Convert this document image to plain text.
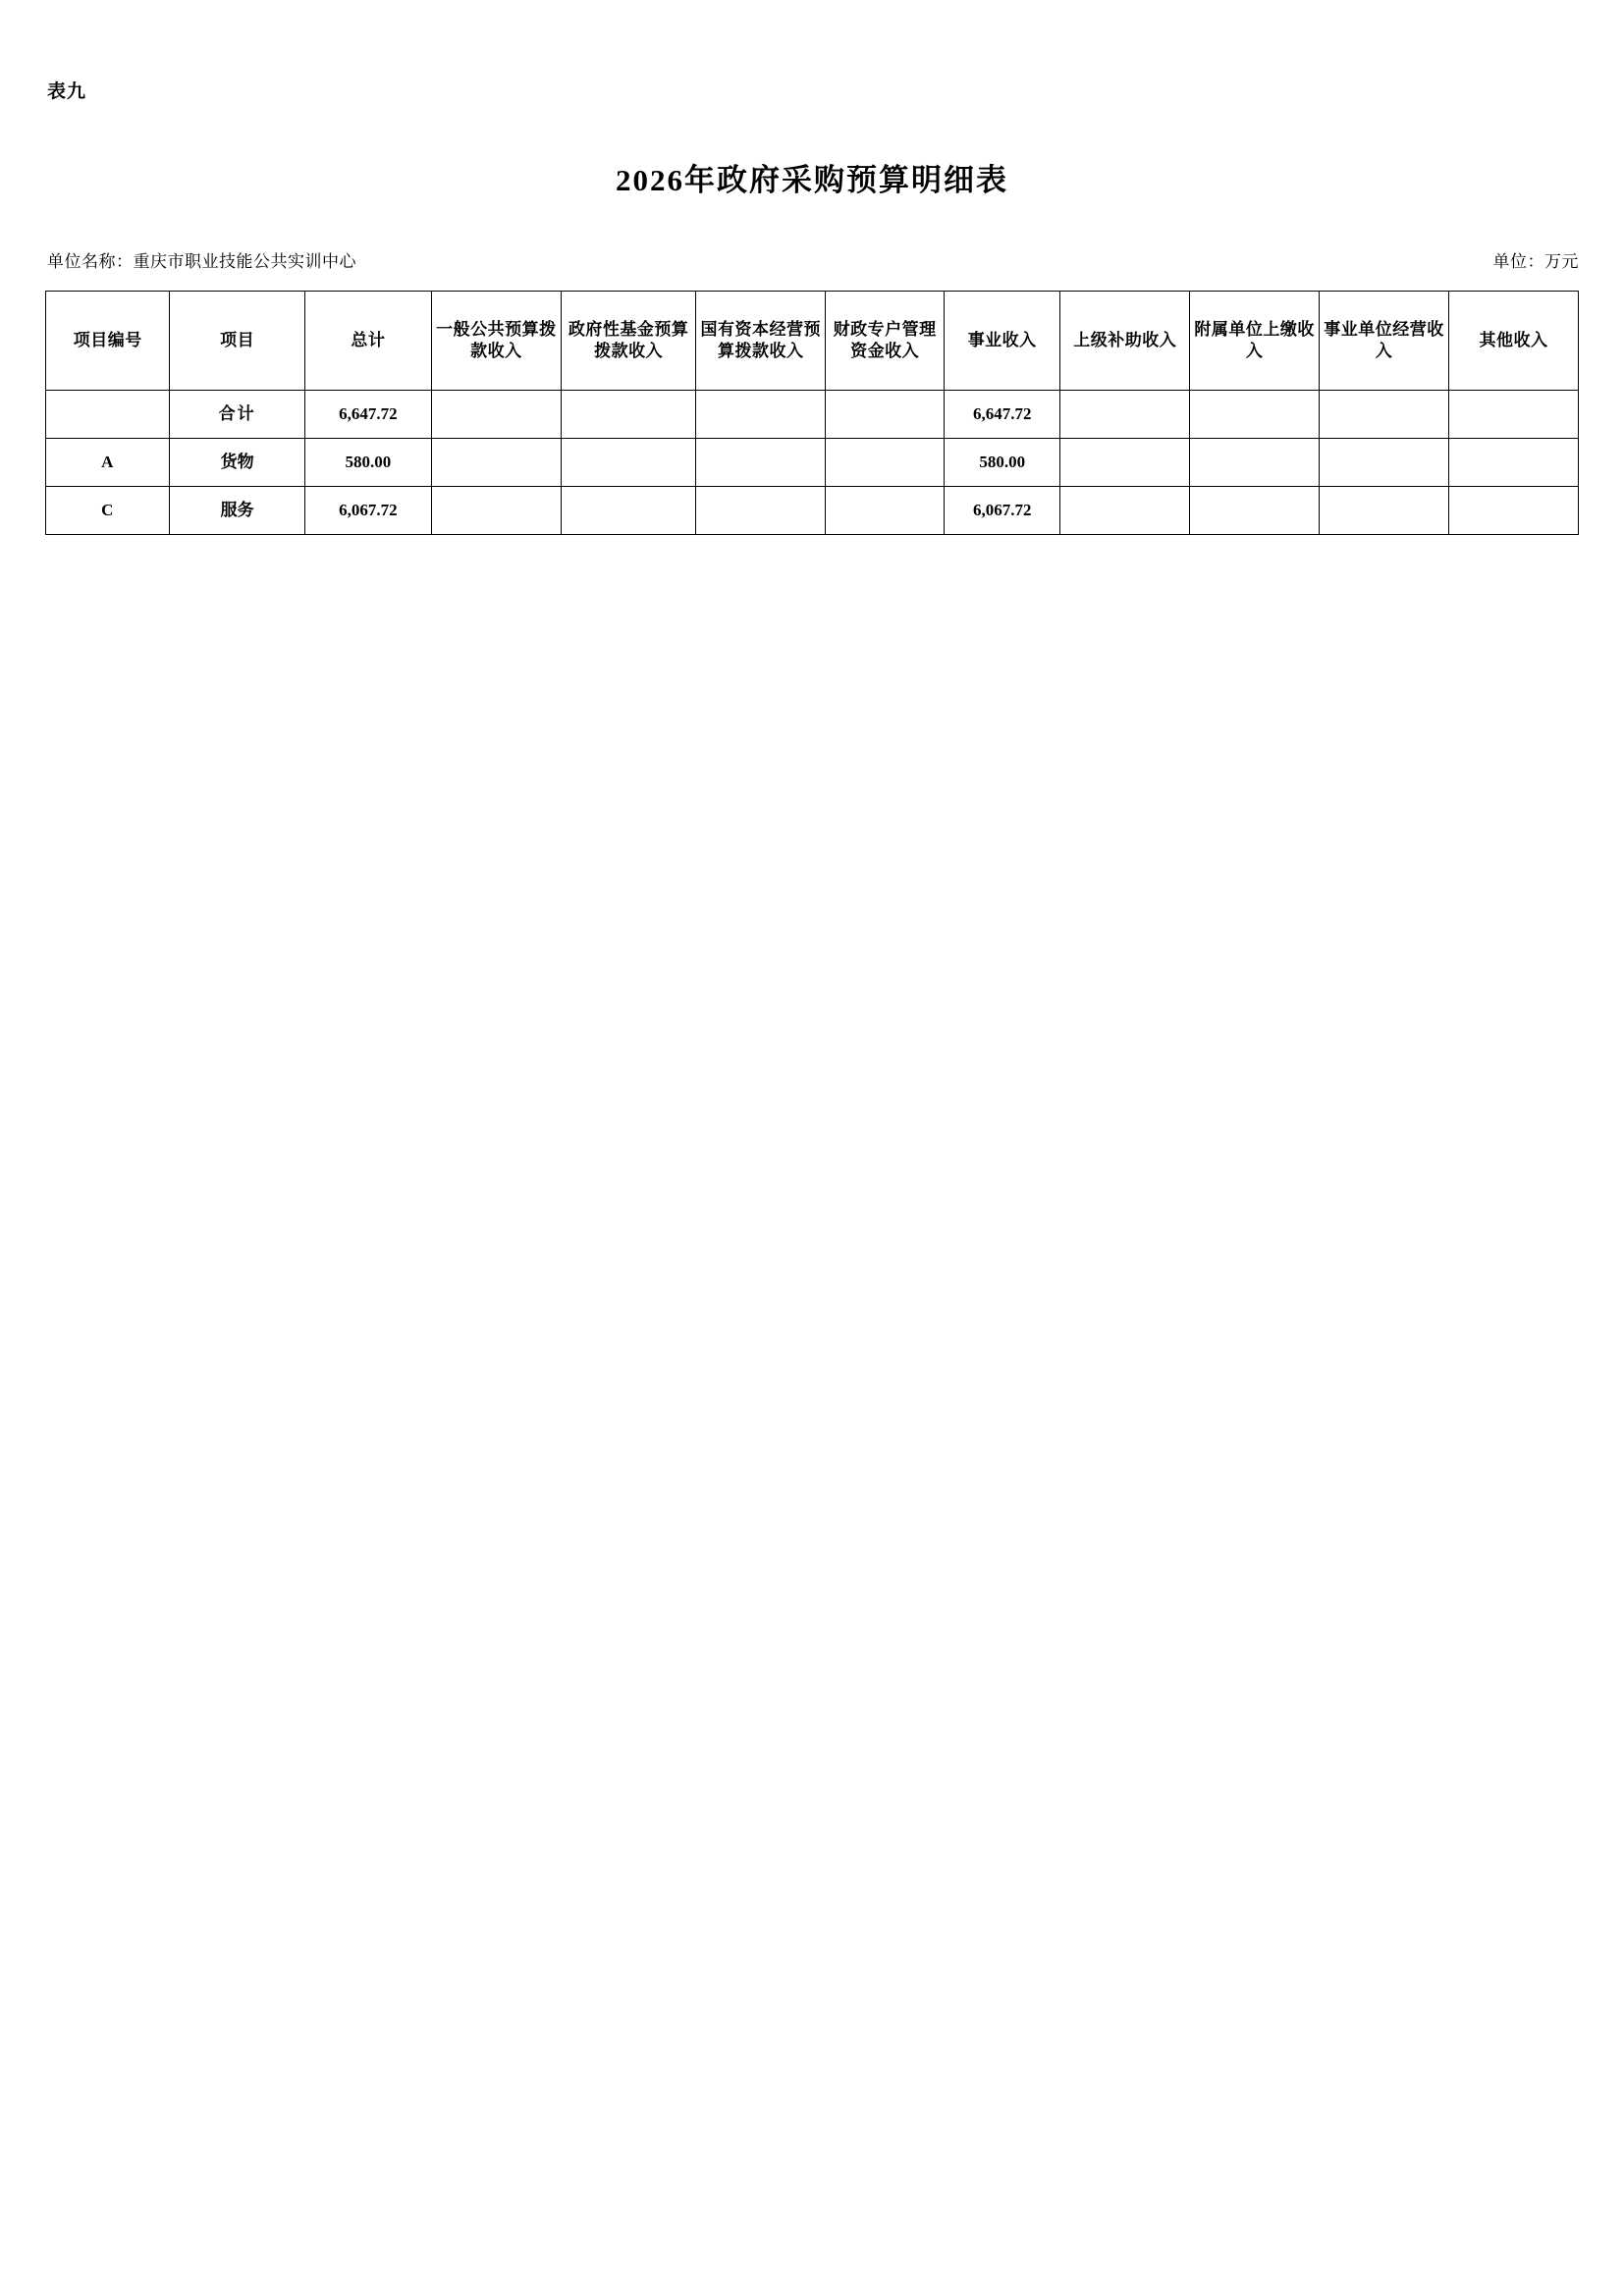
表九
2026年政府采购预算明细表
单位名称：重庆市职业技能公共实训中心	单位：万元
项目编号	项目	总计	一般公共预算拨款收入	政府性基金预算拨款收入	国有资本经营预算拨款收入	财政专户管理资金收入	事业收入	上级补助收入	附属单位上缴收入	事业单位经营收入	其他收入
	合计	6,647.72					6,647.72				
A	货物	580.00					580.00				
C	服务	6,067.72					6,067.72				
